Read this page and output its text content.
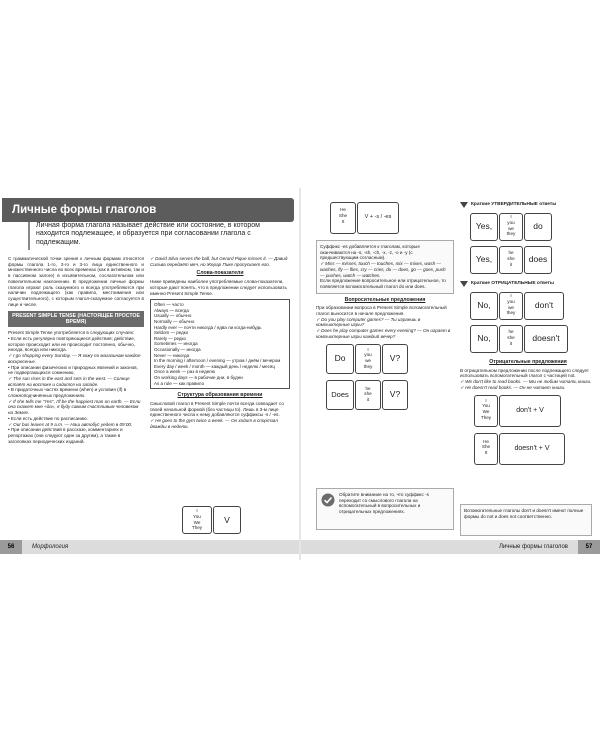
Личные формы глаголов

Личная форма глагола называет действие или состояние, в котором находится подлежащее, и образуется при согласовании глагола с подлежащим.

С грамматической точки зрения к личным формам относятся формы глагола 1-го, 2-го и 3-го лица единственного и множественного числа во всех временах (как в активном, так и в пассивном залоге) в изъявительном, сослагательном или повелительном наклонении. В предложении личные формы глагола играют роль сказуемого и всегда употребляются при наличии подлежащего (как правило, местоимения или существительного), с которым глагол-сказуемое согласуется в лице и числе.
PRESENT SIMPLE TENSE (НАСТОЯЩЕЕ ПРОСТОЕ ВРЕМЯ)
Present Simple Tense употребляется в следующих случаях:
• Если есть регулярно повторяющиеся действия; действие, которое происходит или не происходит постоянно, обычно, иногда, всегда или никогда.
✓ I go shopping every Sunday. — Я хожу по магазинам каждое воскресенье.
• При описании физических и природных явлений и законов, не подвергающихся сомнению.
✓ The sun rises in the east and sets in the west. — Солнце встаёт на востоке и садится на западе.
• В придаточных частях времени (when) и условия (if) в сложноподчинённых предложениях.
✓ If she tells me "Yes", I'll be the happiest man on earth. — Если она скажет мне «да», я буду самым счастливым человеком на Земле.
• Если есть действие по расписанию.
✓ Our bus leaves at 9 a.m. — Наш автобус уедет в 09:00.
• При описании действий в рассказе, комментариях и репортажах (они следуют один за другим), а также в заголовках периодических изданий.
✓ David Silva serves the ball, but Gerard Pique misses it. — Давид Сильва передаёт мяч, но Жерар Пике пропускает его.
Слова-показатели
Ниже приведены наиболее употребляемые слова-показатели, которые дают понять, что в предложении следует использовать именно Present Simple Tense.
Often — часто
Always — всегда
Usually — обычно
Normally — обычно
Hardly ever — почти никогда / едва ли когда-нибудь
Seldom — редко
Rarely — редко
Sometimes — иногда
Occasionally — иногда
Never — никогда
In the morning / afternoon / evening — утром / днём / вечером
Every day / week / month — каждый день / неделю / месяц
Once a week — раз в неделю
On working days — в рабочие дни, в будни
As a rule — как правило
Структура образования времени
Смысловой глагол в Present Simple почти всегда совпадает со своей начальной формой (без частицы to). Лишь в 3-м лице единственного числа к нему добавляются суффиксы -s / -es.
✓ He goes to the gym twice a week. — Он ходит в спортзал дважды в неделю.
I
You
We
They
V
56	Морфология
He
She
It
V + -s / -es
Суффикс -es добавляется к глаголам, которые оканчиваются на -s, -sh, -ch, -x, -z, -o и -y (с предшествующим согласным).
✓ Miss — misses, touch — touches, mix — mixes, wash — washes, fly — flies, cry — cries, do — does, go — goes, push — pushes, watch — watches.
Если предложение вопросительное или отрицательное, то появляется вспомогательный глагол do или does.
Вопросительные предложения
При образовании вопроса в Present Simple вспомогательный глагол выносится в начале предложения.
✓ Do you play computer games? — Ты играешь в компьютерные игры?
✓ Does he play computer games every evening? — Он играет в компьютерные игры каждый вечер?
Do
I
you
we
they
V?
Does
he
she
it
V?
Обратите внимание на то, что суффикс -s переходит со смыслового глагола на вспомогательный в вопросительных и отрицательных предложениях.
Краткие УТВЕРДИТЕЛЬНЫЕ ответы
Yes,
I
you
we
they
do
Yes,
he
she
it	does
Краткие ОТРИЦАТЕЛЬНЫЕ ответы
No,
I
you
we
they
don't
No,
he
she
it	doesn't
Отрицательные предложения
В отрицательном предложении после подлежащего следует использовать вспомогательный глагол с частицей not.
✓ We don't like to read books. — Мы не любим читать книги.
✓ He doesn't read books. — Он не читает книги.
I
You
We
They
don't + V
He
She
It
doesn't + V
Вспомогательные глаголы don't и doesn't имеют полные формы do not и does not соответственно.
Личные формы глаголов	57
